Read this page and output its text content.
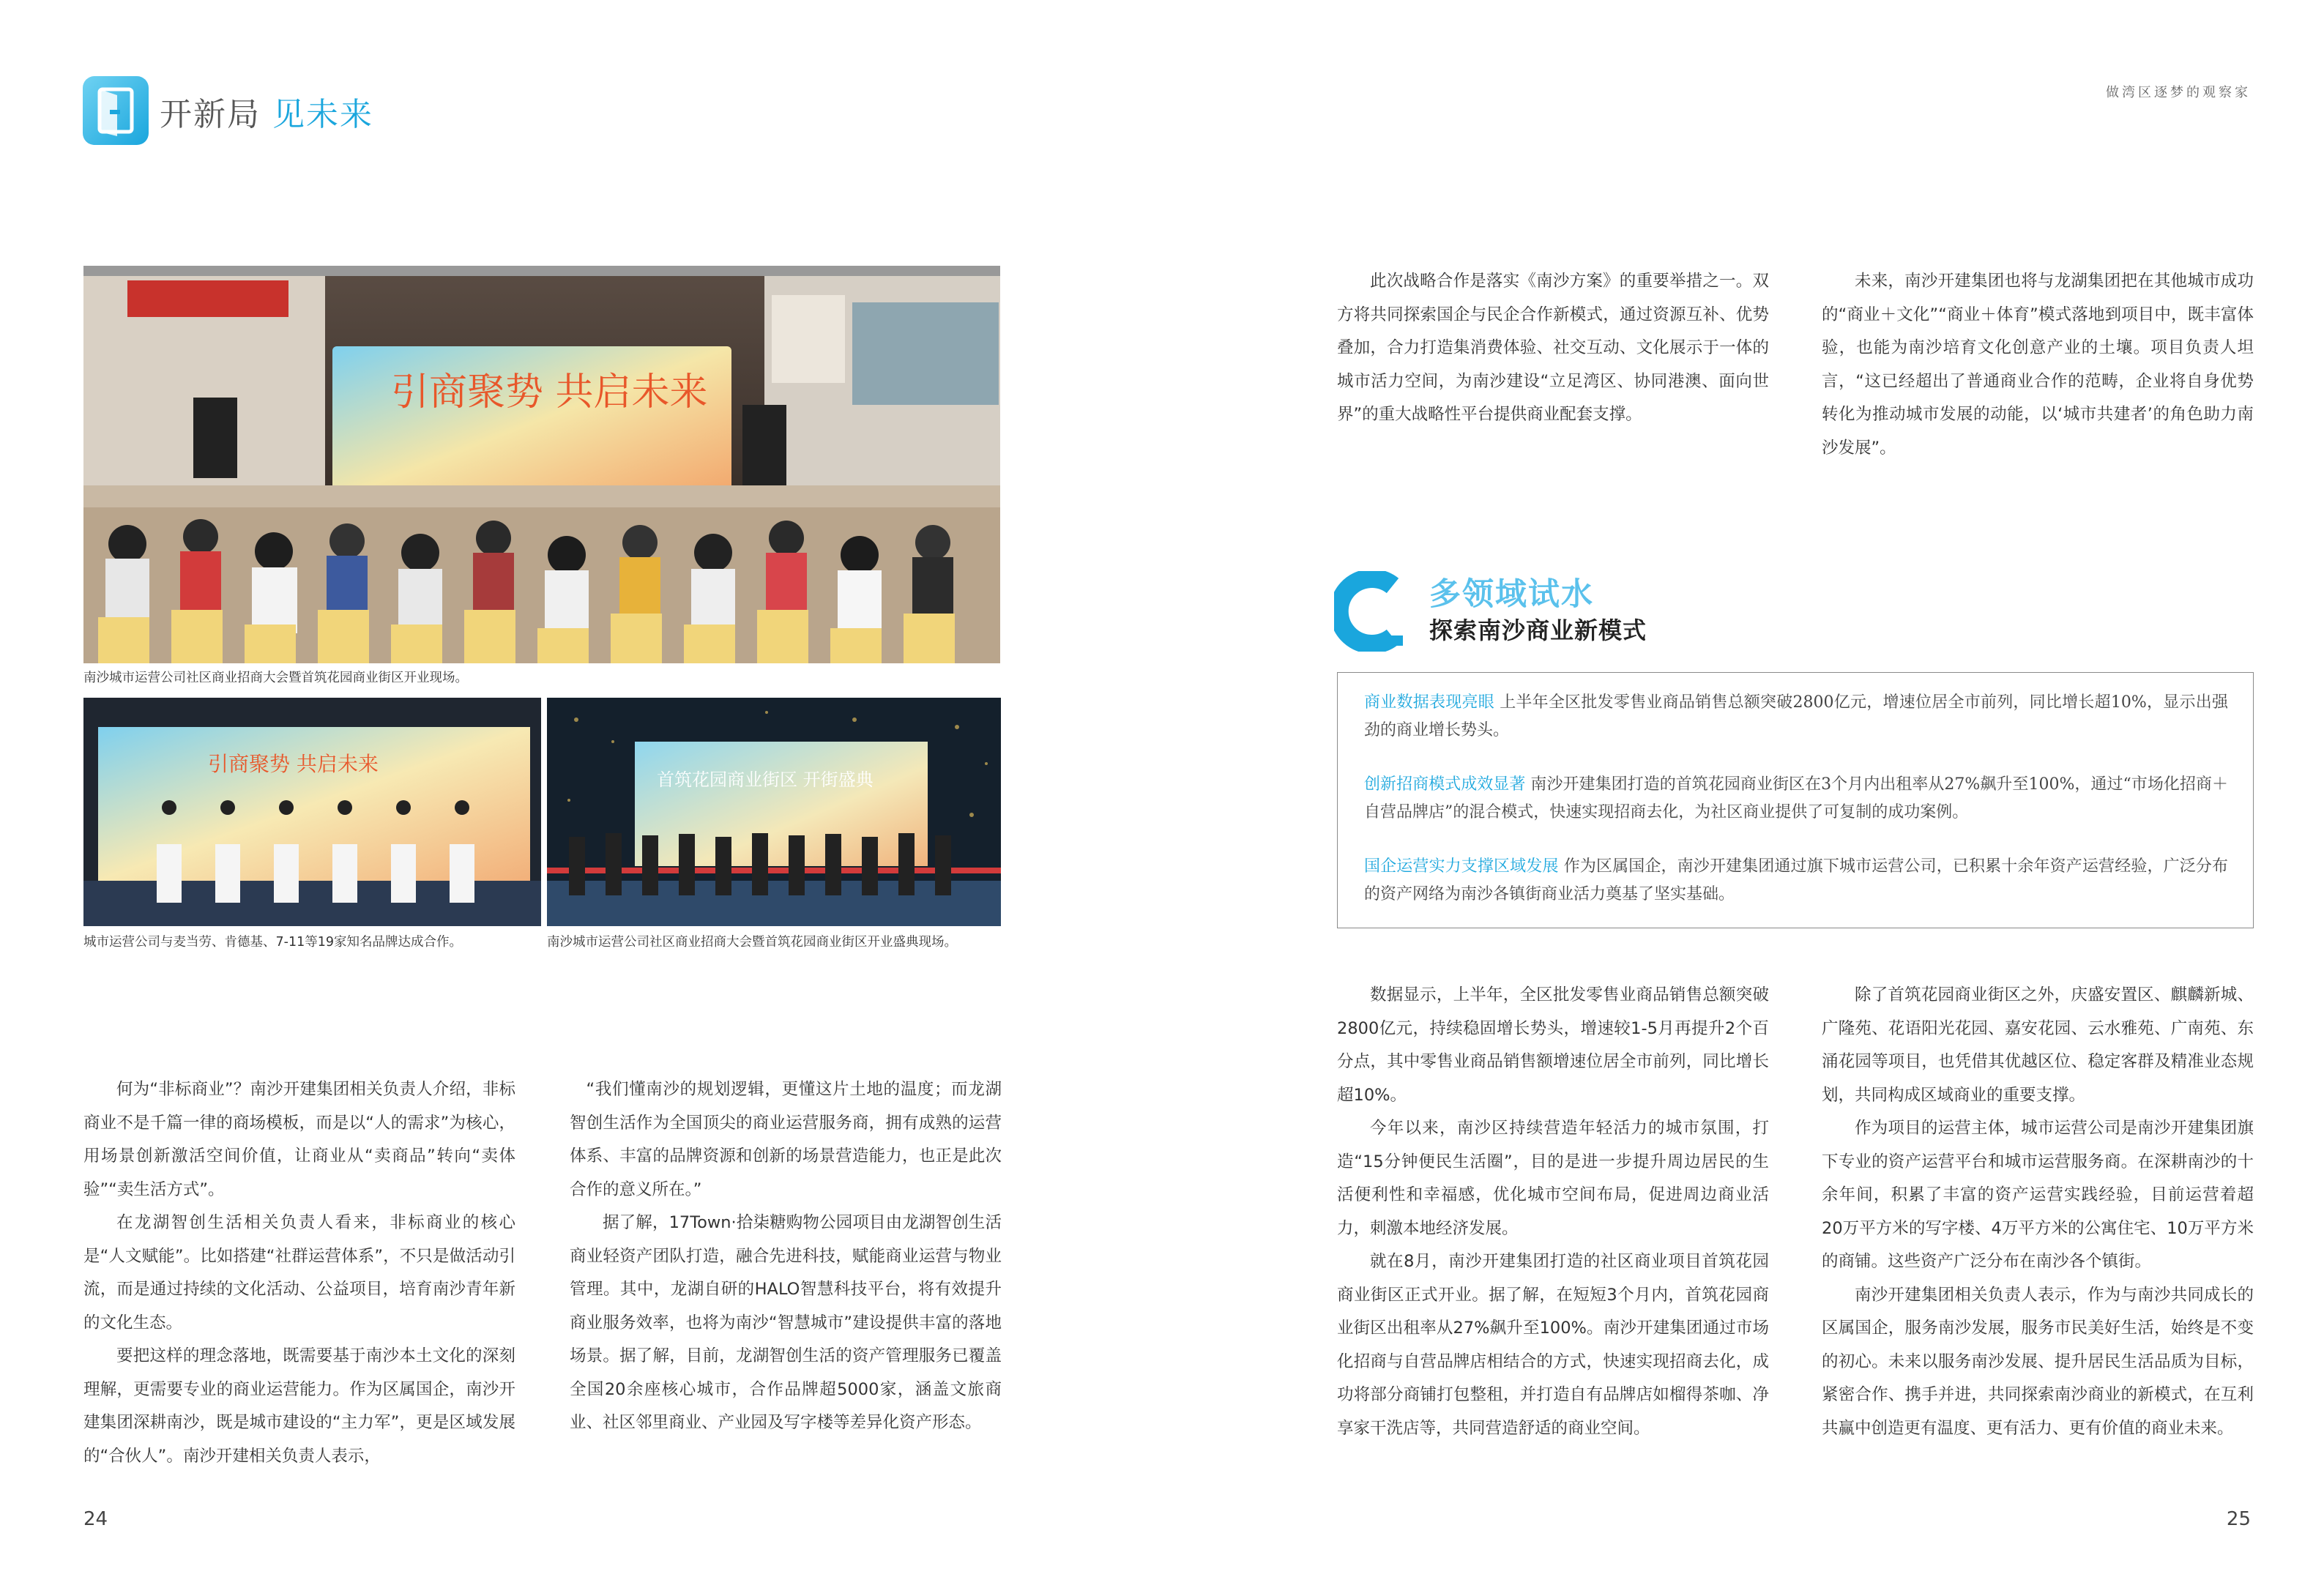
开新局 见未来
做湾区逐梦的观察家
引商聚势 共启未来
南沙城市运营公司社区商业招商大会暨首筑花园商业街区开业现场。
引商聚势 共启未来
城市运营公司与麦当劳、肯德基、7-11等19家知名品牌达成合作。
首筑花园商业街区 开街盛典
南沙城市运营公司社区商业招商大会暨首筑花园商业街区开业盛典现场。

何为“非标商业”？南沙开建集团相关负责人介绍，非标商业不是千篇一律的商场模板，而是以“人的需求”为核心，用场景创新激活空间价值，让商业从“卖商品”转向“卖体验”“卖生活方式”。

在龙湖智创生活相关负责人看来，非标商业的核心是“人文赋能”。比如搭建“社群运营体系”，不只是做活动引流，而是通过持续的文化活动、公益项目，培育南沙青年新的文化生态。

要把这样的理念落地，既需要基于南沙本土文化的深刻理解，更需要专业的商业运营能力。作为区属国企，南沙开建集团深耕南沙，既是城市建设的“主力军”，更是区域发展的“合伙人”。南沙开建相关负责人表示，

“我们懂南沙的规划逻辑，更懂这片土地的温度；而龙湖智创生活作为全国顶尖的商业运营服务商，拥有成熟的运营体系、丰富的品牌资源和创新的场景营造能力，也正是此次合作的意义所在。”

据了解，17Town·拾柒糖购物公园项目由龙湖智创生活商业轻资产团队打造，融合先进科技，赋能商业运营与物业管理。其中，龙湖自研的HALO智慧科技平台，将有效提升商业服务效率，也将为南沙“智慧城市”建设提供丰富的落地场景。据了解，目前，龙湖智创生活的资产管理服务已覆盖全国20余座核心城市，合作品牌超5000家，涵盖文旅商业、社区邻里商业、产业园及写字楼等差异化资产形态。

此次战略合作是落实《南沙方案》的重要举措之一。双方将共同探索国企与民企合作新模式，通过资源互补、优势叠加，合力打造集消费体验、社交互动、文化展示于一体的城市活力空间，为南沙建设“立足湾区、协同港澳、面向世界”的重大战略性平台提供商业配套支撑。

未来，南沙开建集团也将与龙湖集团把在其他城市成功的“商业＋文化”“商业＋体育”模式落地到项目中，既丰富体验，也能为南沙培育文化创意产业的土壤。项目负责人坦言，“这已经超出了普通商业合作的范畴，企业将自身优势转化为推动城市发展的动能，以‘城市共建者’的角色助力南沙发展”。

多领域试水
探索南沙商业新模式
商业数据表现亮眼 上半年全区批发零售业商品销售总额突破2800亿元，增速位居全市前列，同比增长超10%，显示出强劲的商业增长势头。
创新招商模式成效显著 南沙开建集团打造的首筑花园商业街区在3个月内出租率从27%飙升至100%，通过“市场化招商＋自营品牌店”的混合模式，快速实现招商去化，为社区商业提供了可复制的成功案例。
国企运营实力支撑区域发展 作为区属国企，南沙开建集团通过旗下城市运营公司，已积累十余年资产运营经验，广泛分布的资产网络为南沙各镇街商业活力奠基了坚实基础。

数据显示，上半年，全区批发零售业商品销售总额突破2800亿元，持续稳固增长势头，增速较1-5月再提升2个百分点，其中零售业商品销售额增速位居全市前列，同比增长超10%。

今年以来，南沙区持续营造年轻活力的城市氛围，打造“15分钟便民生活圈”，目的是进一步提升周边居民的生活便利性和幸福感，优化城市空间布局，促进周边商业活力，刺激本地经济发展。

就在8月，南沙开建集团打造的社区商业项目首筑花园商业街区正式开业。据了解，在短短3个月内，首筑花园商业街区出租率从27%飙升至100%。南沙开建集团通过市场化招商与自营品牌店相结合的方式，快速实现招商去化，成功将部分商铺打包整租，并打造自有品牌店如榴得茶咖、净享家干洗店等，共同营造舒适的商业空间。

除了首筑花园商业街区之外，庆盛安置区、麒麟新城、广隆苑、花语阳光花园、嘉安花园、云水雅苑、广南苑、东涌花园等项目，也凭借其优越区位、稳定客群及精准业态规划，共同构成区域商业的重要支撑。

作为项目的运营主体，城市运营公司是南沙开建集团旗下专业的资产运营平台和城市运营服务商。在深耕南沙的十余年间，积累了丰富的资产运营实践经验，目前运营着超20万平方米的写字楼、4万平方米的公寓住宅、10万平方米的商铺。这些资产广泛分布在南沙各个镇街。

南沙开建集团相关负责人表示，作为与南沙共同成长的区属国企，服务南沙发展，服务市民美好生活，始终是不变的初心。未来以服务南沙发展、提升居民生活品质为目标，紧密合作、携手并进，共同探索南沙商业的新模式，在互利共赢中创造更有温度、更有活力、更有价值的商业未来。

24	25
